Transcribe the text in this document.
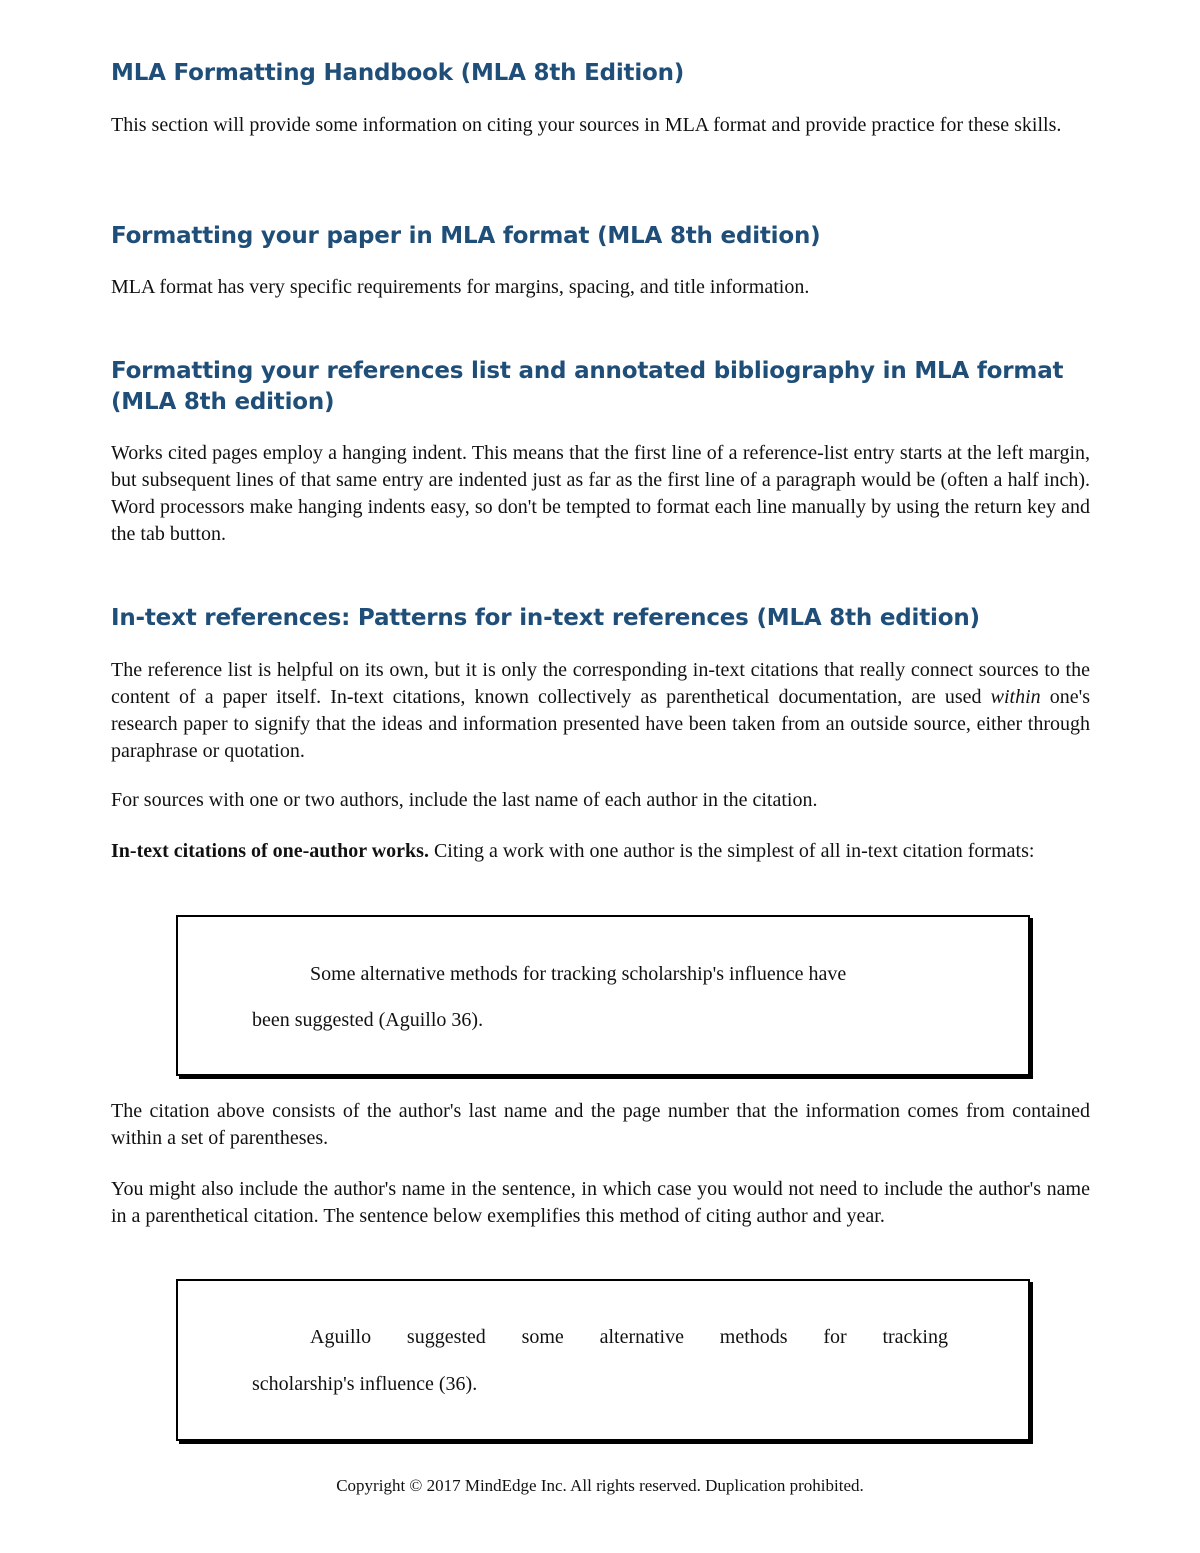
MLA Formatting Handbook (MLA 8th Edition)

This section will provide some information on citing your sources in MLA format and provide practice for these skills.

Formatting your paper in MLA format (MLA 8th edition)

MLA format has very specific requirements for margins, spacing, and title information.

Formatting your references list and annotated bibliography in MLA format (MLA 8th edition)

Works cited pages employ a hanging indent. This means that the first line of a reference-list entry starts at the left margin, but subsequent lines of that same entry are indented just as far as the first line of a paragraph would be (often a half inch). Word processors make hanging indents easy, so don't be tempted to format each line manually by using the return key and the tab button.

In-text references: Patterns for in-text references (MLA 8th edition)

The reference list is helpful on its own, but it is only the corresponding in-text citations that really connect sources to the content of a paper itself. In-text citations, known collectively as parenthetical documentation, are used within one's research paper to signify that the ideas and information presented have been taken from an outside source, either through paraphrase or quotation.

For sources with one or two authors, include the last name of each author in the citation.

In-text citations of one-author works. Citing a work with one author is the simplest of all in-text citation formats:

Some alternative methods for tracking scholarship's influence have
been suggested (Aguillo 36).

The citation above consists of the author's last name and the page number that the information comes from contained within a set of parentheses.

You might also include the author's name in the sentence, in which case you would not need to include the author's name in a parenthetical citation. The sentence below exemplifies this method of citing author and year.

Aguillo suggested some alternative methods for tracking
scholarship's influence (36).
Copyright © 2017 MindEdge Inc. All rights reserved. Duplication prohibited.
